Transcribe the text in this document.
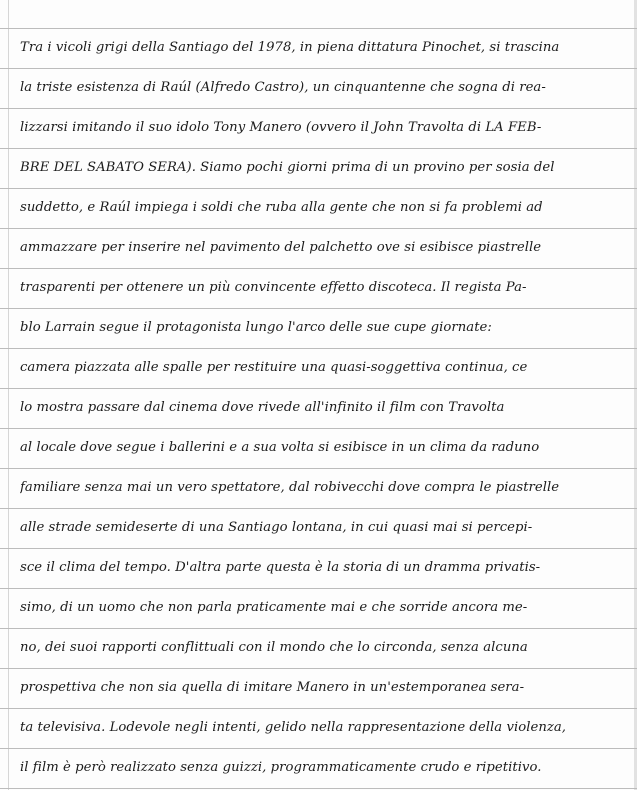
Tra i vicoli grigi della Santiago del 1978, in piena dittatura Pinochet, si trascina
la triste esistenza di Raúl (Alfredo Castro), un cinquantenne che sogna di rea-
lizzarsi imitando il suo idolo Tony Manero (ovvero il John Travolta di LA FEB-
BRE DEL SABATO SERA). Siamo pochi giorni prima di un provino per sosia del
suddetto, e Raúl impiega i soldi che ruba alla gente che non si fa problemi ad
ammazzare per inserire nel pavimento del palchetto ove si esibisce piastrelle
trasparenti per ottenere un più convincente effetto discoteca. Il regista Pa-
blo Larrain segue il protagonista lungo l'arco delle sue cupe giornate:
camera piazzata alle spalle per restituire una quasi-soggettiva continua, ce
lo mostra passare dal cinema dove rivede all'infinito il film con Travolta
al locale dove segue i ballerini e a sua volta si esibisce in un clima da raduno
familiare senza mai un vero spettatore, dal robivecchi dove compra le piastrelle
alle strade semideserte di una Santiago lontana, in cui quasi mai si percepi-
sce il clima del tempo. D'altra parte questa è la storia di un dramma privatis-
simo, di un uomo che non parla praticamente mai e che sorride ancora me-
no, dei suoi rapporti conflittuali con il mondo che lo circonda, senza alcuna
prospettiva che non sia quella di imitare Manero in un'estemporanea sera-
ta televisiva. Lodevole negli intenti, gelido nella rappresentazione della violenza,
il film è però realizzato senza guizzi, programmaticamente crudo e ripetitivo.
